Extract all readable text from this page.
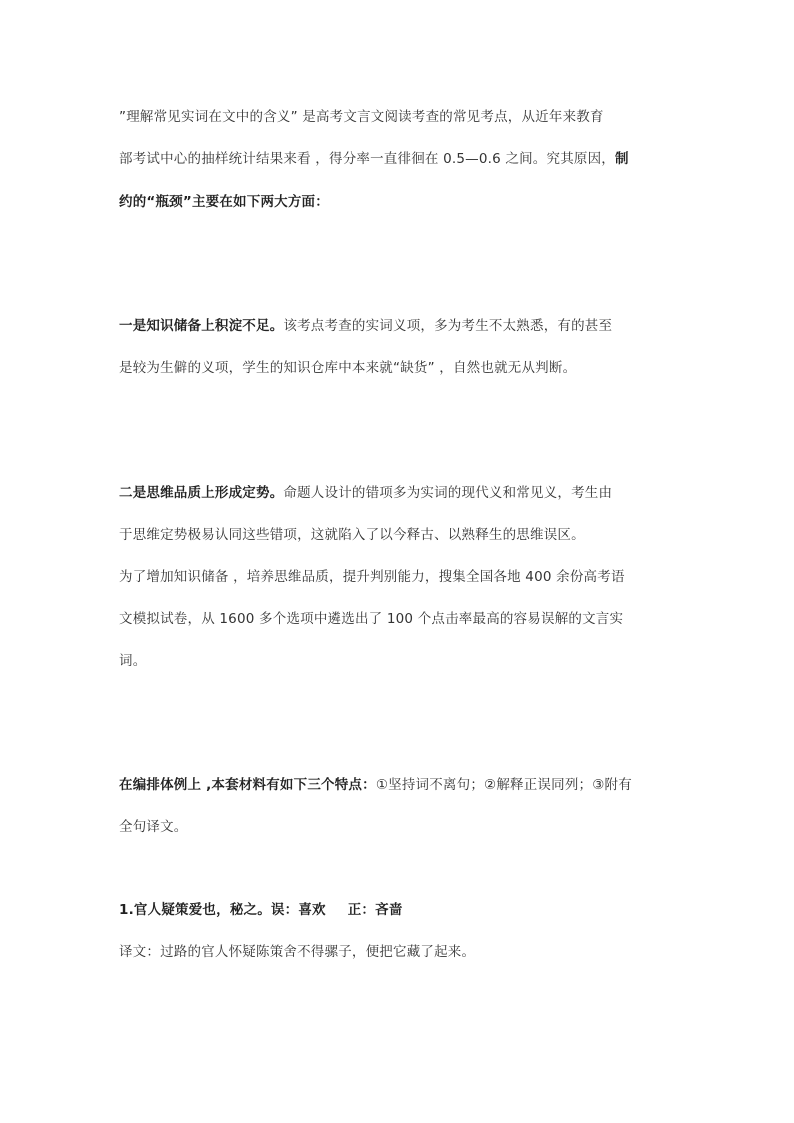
”理解常见实词在文中的含义” 是高考文言文阅读考查的常见考点，从近年来教育
部考试中心的抽样统计结果来看 ，得分率一直徘徊在 0.5—0.6 之间。究其原因，制
约的“瓶颈”主要在如下两大方面：
一是知识储备上积淀不足。该考点考查的实词义项，多为考生不太熟悉，有的甚至
是较为生僻的义项，学生的知识仓库中本来就“缺货” ，自然也就无从判断。
二是思维品质上形成定势。命题人设计的错项多为实词的现代义和常见义，考生由
于思维定势极易认同这些错项，这就陷入了以今释古、以熟释生的思维误区。
为了增加知识储备 ，培养思维品质，提升判别能力，搜集全国各地 400 余份高考语
文模拟试卷，从 1600 多个选项中遴选出了 100 个点击率最高的容易误解的文言实
词。
在编排体例上 ,本套材料有如下三个特点：①坚持词不离句；②解释正误同列；③附有
全句译文。
1.官人疑策爱也，秘之。误：喜欢 正：吝啬
译文：过路的官人怀疑陈策舍不得骡子，便把它藏了起来。
